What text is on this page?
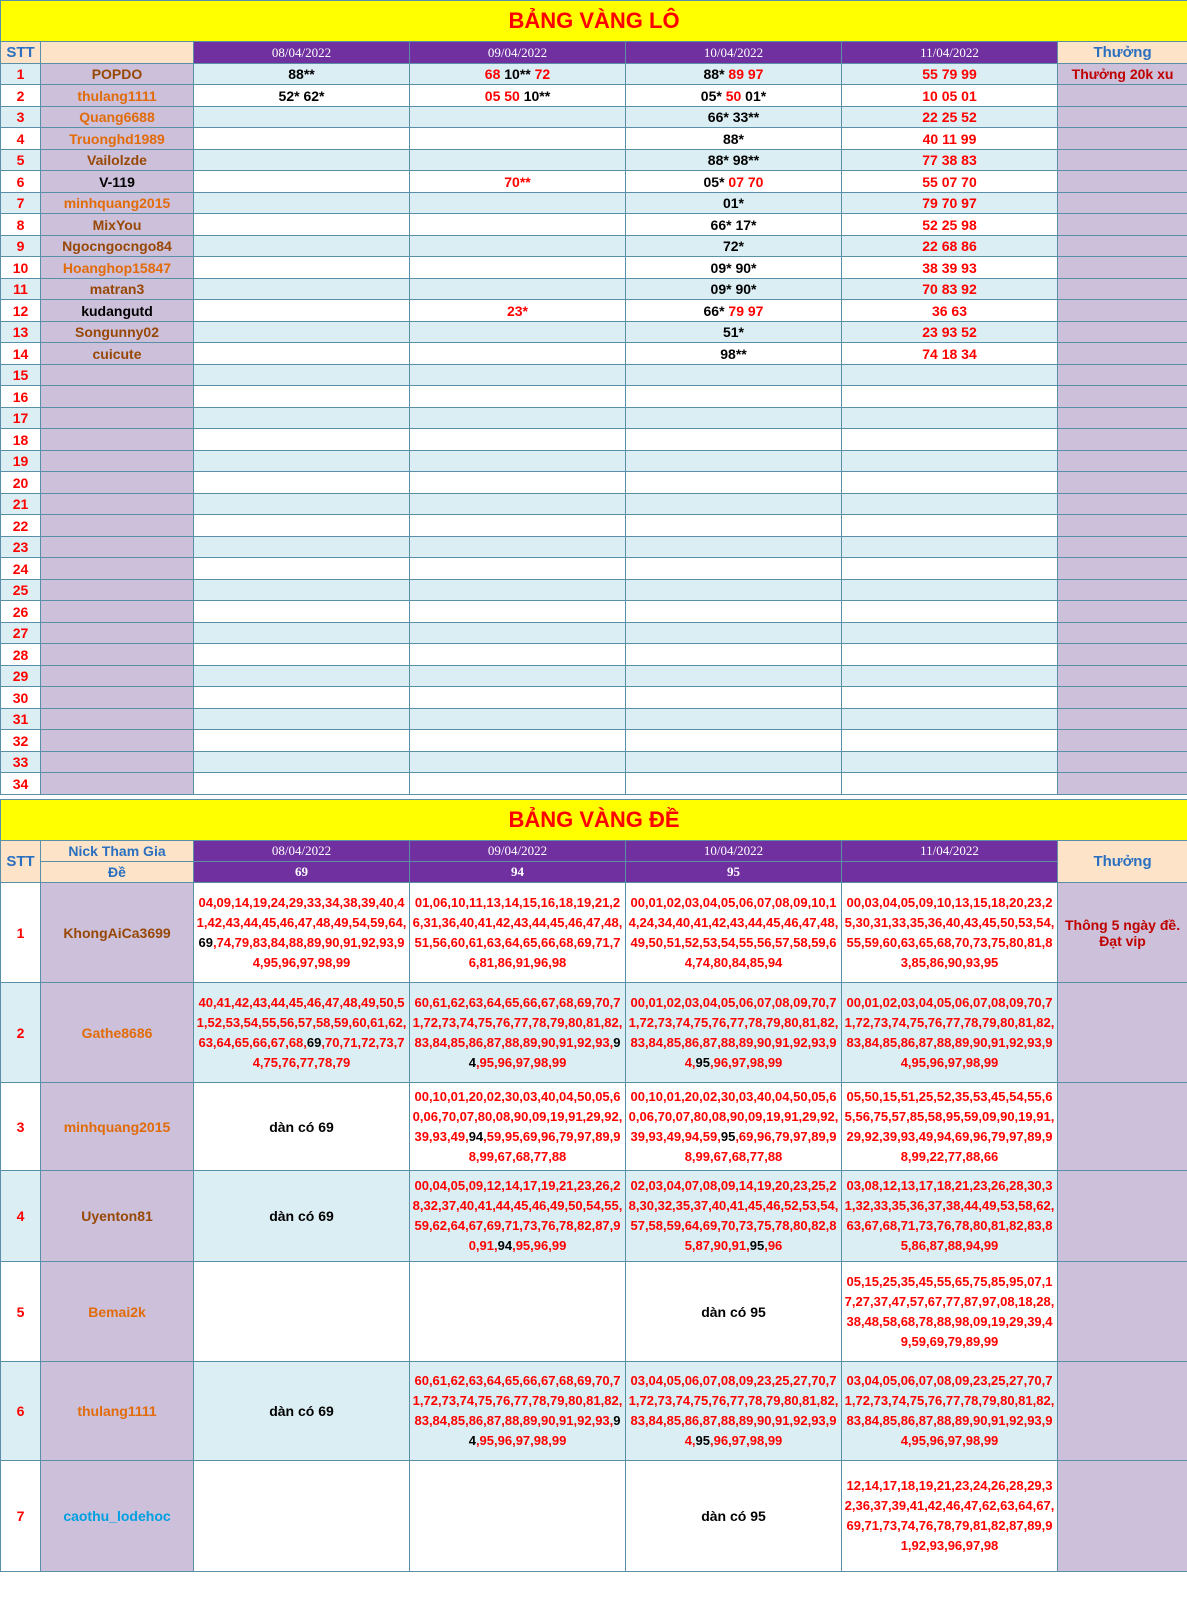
BẢNG VÀNG LÔ						
STT		08/04/2022	09/04/2022	10/04/2022	11/04/2022	Thưởng
1	POPDO	88**	68 10** 72	88* 89 97	55 79 99	Thưởng 20k xu
2	thulang1111	52* 62*	05 50 10**	05* 50 01*	10 05 01	
3	Quang6688			66* 33**	22 25 52	
4	Truonghd1989			88*	40 11 99	
5	Vailolzde			88* 98**	77 38 83	
6	V-119		70**	05* 07 70	55 07 70	
7	minhquang2015			01*	79 70 97	
8	MixYou			66* 17*	52 25 98	
9	Ngocngocngo84			72*	22 68 86	
10	Hoanghop15847			09* 90*	38 39 93	
11	matran3			09* 90*	70 83 92	
12	kudangutd		23*	66* 79 97	36 63	
13	Songunny02			51*	23 93 52	
14	cuicute			98**	74 18 34	
15						
16						
17						
18						
19						
20						
21						
22						
23						
24						
25						
26						
27						
28						
29						
30						
31						
32						
33						
34						
BẢNG VÀNG ĐỀ						
STT	Nick Tham Gia	08/04/2022	09/04/2022	10/04/2022	11/04/2022	Thưởng
	Đề	69	94	95		
1	KhongAiCa3699	04,09,14,19,24,29,33,34,38,39,40,41,42,43,44,45,46,47,48,49,54,59,64,69,74,79,83,84,88,89,90,91,92,93,94,95,96,97,98,99	01,06,10,11,13,14,15,16,18,19,21,26,31,36,40,41,42,43,44,45,46,47,48,51,56,60,61,63,64,65,66,68,69,71,76,81,86,91,96,98	00,01,02,03,04,05,06,07,08,09,10,14,24,34,40,41,42,43,44,45,46,47,48,49,50,51,52,53,54,55,56,57,58,59,64,74,80,84,85,94	00,03,04,05,09,10,13,15,18,20,23,25,30,31,33,35,36,40,43,45,50,53,54,55,59,60,63,65,68,70,73,75,80,81,83,85,86,90,93,95	Thông 5 ngày đề. Đạt vip
2	Gathe8686	40,41,42,43,44,45,46,47,48,49,50,51,52,53,54,55,56,57,58,59,60,61,62,63,64,65,66,67,68,69,70,71,72,73,74,75,76,77,78,79	60,61,62,63,64,65,66,67,68,69,70,71,72,73,74,75,76,77,78,79,80,81,82,83,84,85,86,87,88,89,90,91,92,93,94,95,96,97,98,99	00,01,02,03,04,05,06,07,08,09,70,71,72,73,74,75,76,77,78,79,80,81,82,83,84,85,86,87,88,89,90,91,92,93,94,95,96,97,98,99	00,01,02,03,04,05,06,07,08,09,70,71,72,73,74,75,76,77,78,79,80,81,82,83,84,85,86,87,88,89,90,91,92,93,94,95,96,97,98,99	
3	minhquang2015	dàn có 69	00,10,01,20,02,30,03,40,04,50,05,60,06,70,07,80,08,90,09,19,91,29,92,39,93,49,94,59,95,69,96,79,97,89,98,99,67,68,77,88	00,10,01,20,02,30,03,40,04,50,05,60,06,70,07,80,08,90,09,19,91,29,92,39,93,49,94,59,95,69,96,79,97,89,98,99,67,68,77,88	05,50,15,51,25,52,35,53,45,54,55,65,56,75,57,85,58,95,59,09,90,19,91,29,92,39,93,49,94,69,96,79,97,89,98,99,22,77,88,66	
4	Uyenton81	dàn có 69	00,04,05,09,12,14,17,19,21,23,26,28,32,37,40,41,44,45,46,49,50,54,55,59,62,64,67,69,71,73,76,78,82,87,90,91,94,95,96,99	02,03,04,07,08,09,14,19,20,23,25,28,30,32,35,37,40,41,45,46,52,53,54,57,58,59,64,69,70,73,75,78,80,82,85,87,90,91,95,96	03,08,12,13,17,18,21,23,26,28,30,31,32,33,35,36,37,38,44,49,53,58,62,63,67,68,71,73,76,78,80,81,82,83,85,86,87,88,94,99	
5	Bemai2k			dàn có 95	05,15,25,35,45,55,65,75,85,95,07,17,27,37,47,57,67,77,87,97,08,18,28,38,48,58,68,78,88,98,09,19,29,39,49,59,69,79,89,99	
6	thulang1111	dàn có 69	60,61,62,63,64,65,66,67,68,69,70,71,72,73,74,75,76,77,78,79,80,81,82,83,84,85,86,87,88,89,90,91,92,93,94,95,96,97,98,99	03,04,05,06,07,08,09,23,25,27,70,71,72,73,74,75,76,77,78,79,80,81,82,83,84,85,86,87,88,89,90,91,92,93,94,95,96,97,98,99	03,04,05,06,07,08,09,23,25,27,70,71,72,73,74,75,76,77,78,79,80,81,82,83,84,85,86,87,88,89,90,91,92,93,94,95,96,97,98,99	
7	caothu_lodehoc			dàn có 95	12,14,17,18,19,21,23,24,26,28,29,32,36,37,39,41,42,46,47,62,63,64,67,69,71,73,74,76,78,79,81,82,87,89,91,92,93,96,97,98	
